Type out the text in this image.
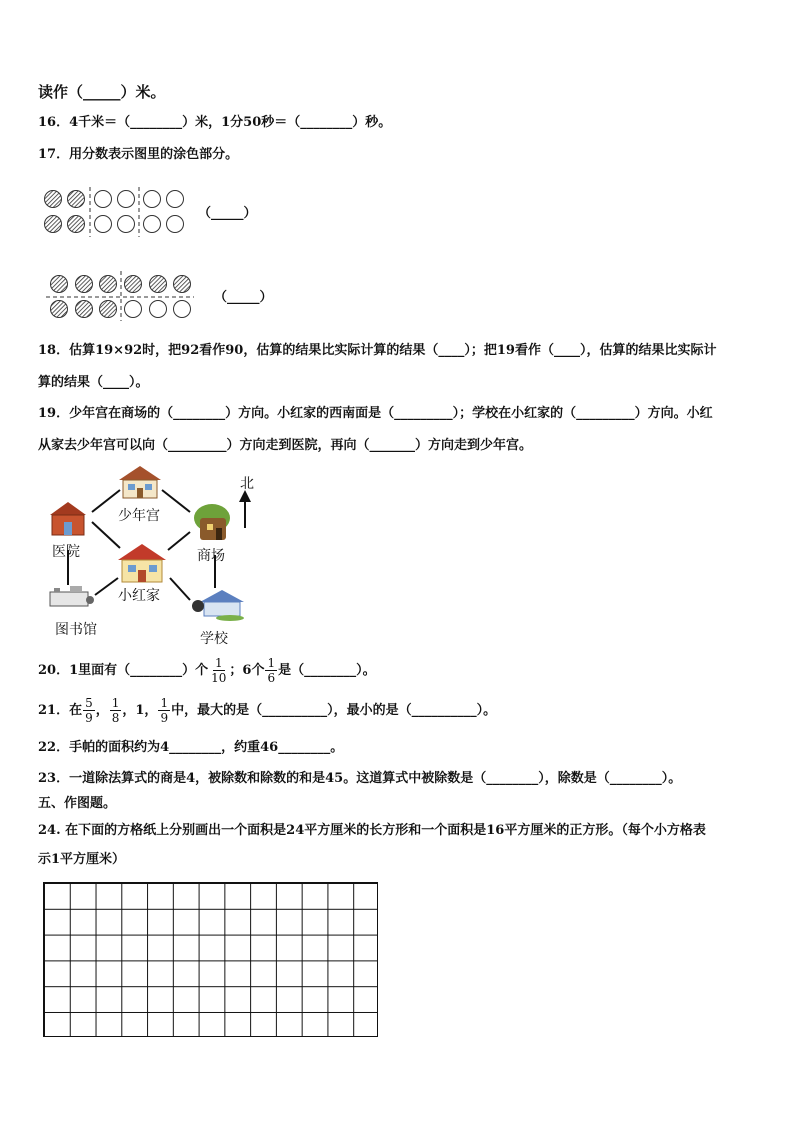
读作（_____）米。
16．4千米＝（________）米，1分50秒＝（________）秒。
17．用分数表示图里的涂色部分。
（_____）
（_____）
18．估算19×92时，把92看作90，估算的结果比实际计算的结果（____）；把19看作（____），估算的结果比实际计
算的结果（____）。
19．少年宫在商场的（________）方向。小红家的西南面是（_________）；学校在小红家的（_________）方向。小红
从家去少年宫可以向（_________）方向走到医院，再向（_______）方向走到少年宫。
北
少年宫
医院	商场
小红家
图书馆
学校
20．1里面有（________）个 $\frac{1}{10}$ ；6个 $\frac{1}{6}$ 是（________）。
21．在 $\frac{5}{9}$ ， $\frac{1}{8}$ ，1， $\frac{1}{9}$ 中，最大的是（__________），最小的是（__________）。
22．手帕的面积约为4________，约重46________。
23．一道除法算式的商是4，被除数和除数的和是45。这道算式中被除数是（________），除数是（________）。
五、作图题。
24. 在下面的方格纸上分别画出一个面积是24平方厘米的长方形和一个面积是16平方厘米的正方形。（每个小方格表
示1平方厘米）
